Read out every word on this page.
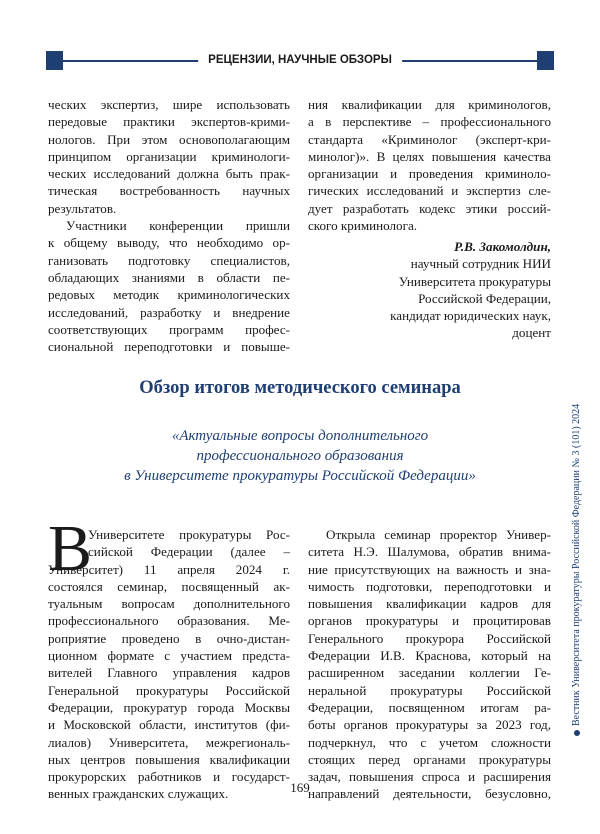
РЕЦЕНЗИИ, НАУЧНЫЕ ОБЗОРЫ
ческих экспертиз, шире использовать
передовые практики экспертов-крими-
нологов. При этом основополагающим
принципом организации криминологи-
ческих исследований должна быть прак-
тическая востребованность научных
результатов.
Участники конференции пришли
к общему выводу, что необходимо ор-
ганизовать подготовку специалистов,
обладающих знаниями в области пе-
редовых методик криминологических
исследований, разработку и внедрение
соответствующих программ профес-
сиональной переподготовки и повыше-
ния квалификации для криминологов,
а в перспективе – профессионального
стандарта «Криминолог (эксперт-кри-
минолог)». В целях повышения качества
организации и проведения криминоло-
гических исследований и экспертиз сле-
дует разработать кодекс этики россий-
ского криминолога.
Р.В. Закомолдин,
научный сотрудник НИИ
Университета прокуратуры
Российской Федерации,
кандидат юридических наук,
доцент
Обзор итогов методического семинара
«Актуальные вопросы дополнительного
профессионального образования
в Университете прокуратуры Российской Федерации»
В
Университете прокуратуры Рос-
сийской Федерации (далее –
Университет) 11 апреля 2024 г.
состоялся семинар, посвященный ак-
туальным вопросам дополнительного
профессионального образования. Ме-
роприятие проведено в очно-дистан-
ционном формате с участием предста-
вителей Главного управления кадров
Генеральной прокуратуры Российской
Федерации, прокуратур города Москвы
и Московской области, институтов (фи-
лиалов) Университета, межрегиональ-
ных центров повышения квалификации
прокурорских работников и государст-
венных гражданских служащих.
Открыла семинар проректор Универ-
ситета Н.Э. Шалумова, обратив внима-
ние присутствующих на важность и зна-
чимость подготовки, переподготовки и
повышения квалификации кадров для
органов прокуратуры и процитировав
Генерального прокурора Российской
Федерации И.В. Краснова, который на
расширенном заседании коллегии Ге-
неральной прокуратуры Российской
Федерации, посвященном итогам ра-
боты органов прокуратуры за 2023 год,
подчеркнул, что с учетом сложности
стоящих перед органами прокуратуры
задач, повышения спроса и расширения
направлений деятельности, безусловно,
169
Вестник Университета прокуратуры Российской Федерации № 3 (101) 2024
